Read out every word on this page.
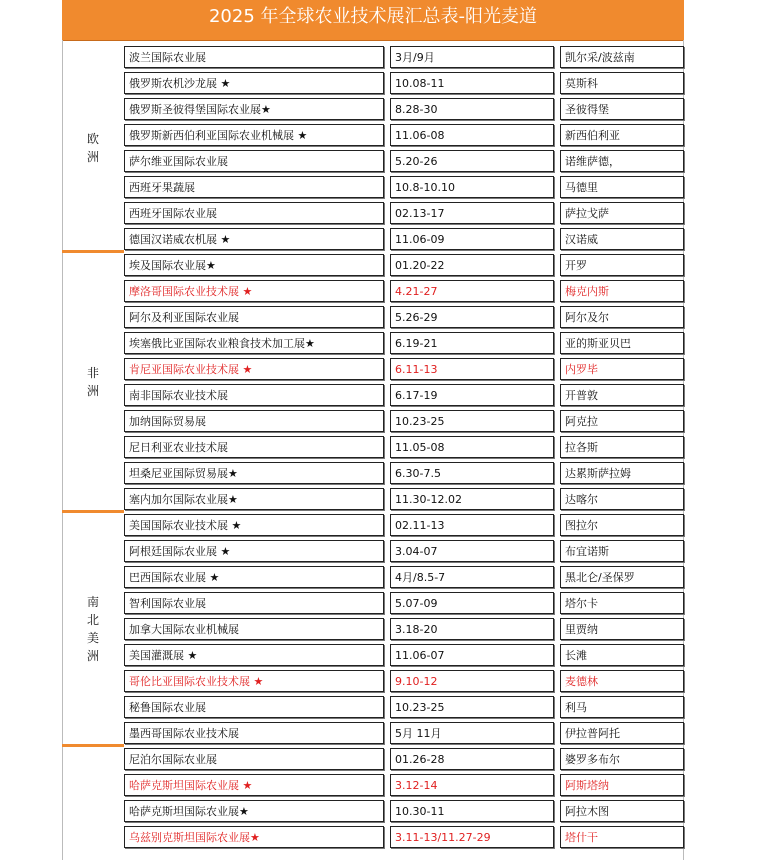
2025 年全球农业技术展汇总表-阳光麦道
欧洲
波兰国际农业展	3月/9月	凯尔采/波兹南
俄罗斯农机沙龙展 ★	10.08-11	莫斯科
俄罗斯圣彼得堡国际农业展★	8.28-30	圣彼得堡
俄罗斯新西伯利亚国际农业机械展 ★	11.06-08	新西伯利亚
萨尔维亚国际农业展	5.20-26	诺维萨德，
西班牙果蔬展	10.8-10.10	马德里
西班牙国际农业展	02.13-17	萨拉戈萨
德国汉诺威农机展 ★	11.06-09	汉诺威
非洲
埃及国际农业展★	01.20-22	开罗
摩洛哥国际农业技术展 ★	4.21-27	梅克内斯
阿尔及利亚国际农业展	5.26-29	阿尔及尔
埃塞俄比亚国际农业粮食技术加工展★	6.19-21	亚的斯亚贝巴
肯尼亚国际农业技术展 ★	6.11-13	内罗毕
南非国际农业技术展	6.17-19	开普敦
加纳国际贸易展	10.23-25	阿克拉
尼日利亚农业技术展	11.05-08	拉各斯
坦桑尼亚国际贸易展★	6.30-7.5	达累斯萨拉姆
塞内加尔国际农业展★	11.30-12.02	达喀尔
南北美洲
美国国际农业技术展 ★	02.11-13	图拉尔
阿根廷国际农业展 ★	3.04-07	布宜诺斯
巴西国际农业展 ★	4月/8.5-7	黑北仑/圣保罗
智利国际农业展	5.07-09	塔尔卡
加拿大国际农业机械展	3.18-20	里贾纳
美国灌溉展 ★	11.06-07	长滩
哥伦比亚国际农业技术展 ★	9.10-12	麦德林
秘鲁国际农业展	10.23-25	利马
墨西哥国际农业技术展	5月 11月	伊拉普阿托
尼泊尔国际农业展	01.26-28	婆罗多布尔
哈萨克斯坦国际农业展 ★	3.12-14	阿斯塔纳
哈萨克斯坦国际农业展★	10.30-11	阿拉木图
乌兹别克斯坦国际农业展★	3.11-13/11.27-29	塔什干
